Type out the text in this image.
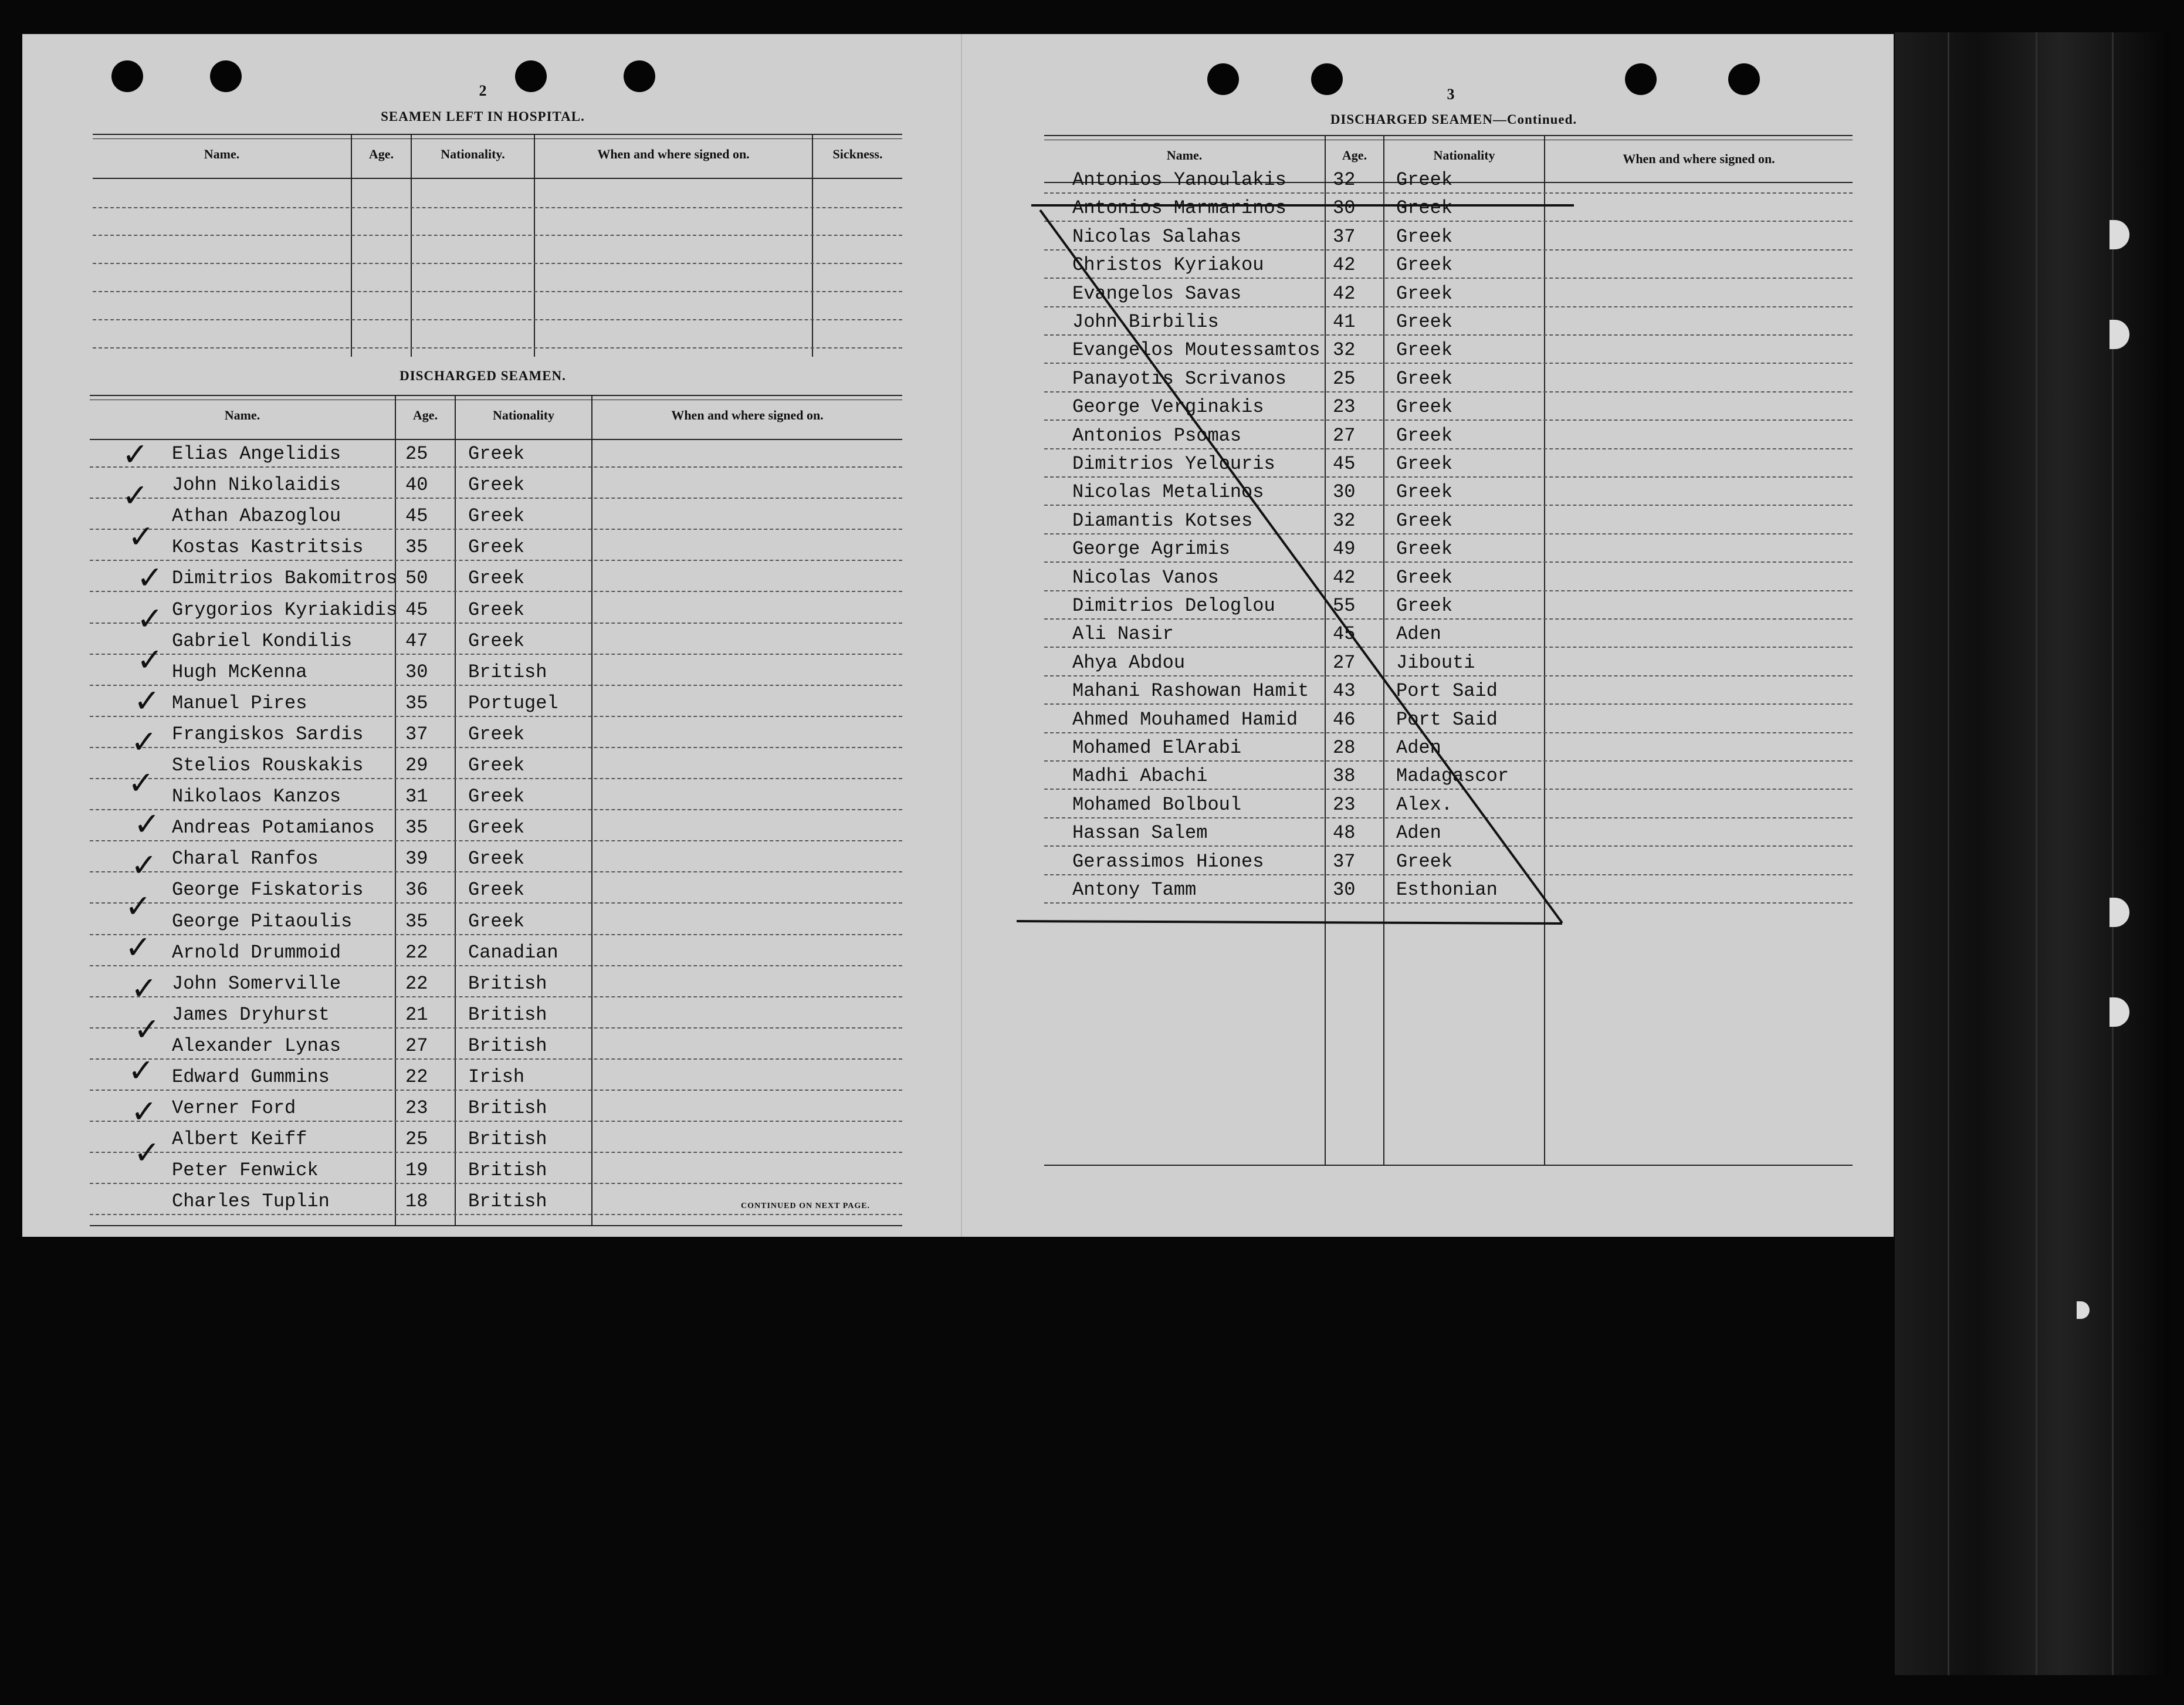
2
SEAMEN LEFT IN HOSPITAL.
Name.	Age.	Nationality.	When and where signed on.	Sickness.
DISCHARGED SEAMEN.
Name.	Age.	Nationality	When and where signed on.
Elias Angelidis	25 Greek
John Nikolaidis	40 Greek
Athan Abazoglou	45 Greek
Kostas Kastritsis 35 Greek
Dimitrios Bakomitros 50 Greek
Grygorios Kyriakidis 45 Greek
Gabriel Kondilis	47 Greek
Hugh McKenna	30 British
Manuel Pires	35 Portugel
Frangiskos Sardis 37 Greek
Stelios Rouskakis 29 Greek
Nikolaos Kanzos	31 Greek
Andreas Potamianos 35 Greek
Charal Ranfos	39 Greek
George Fiskatoris 36 Greek
George Pitaoulis	35 Greek
Arnold Drummoid	22 Canadian
John Somerville	22 British
James Dryhurst	21 British
Alexander Lynas	27 British
Edward Gummins	22 Irish
Verner Ford	23 British
Albert Keiff	25 British
Peter Fenwick	19 British
Charles Tuplin	18 British	CONTINUED ON NEXT PAGE.
✓
✓
✓
✓
✓
✓
✓
✓
✓
✓
✓
✓
✓
✓
✓
✓
✓
✓
3
DISCHARGED SEAMEN—Continued.
Name.	Age.	Nationality	When and where signed on.
Antonios Yanoulakis 32 Greek
Antonios Marmarinos 30 Greek
Nicolas Salahas	37 Greek
Christos Kyriakou	42 Greek
Evangelos Savas	42 Greek
John Birbilis	41 Greek
Evangelos Moutessamtos 32 Greek
Panayotis Scrivanos 25 Greek
George Verginakis	23 Greek
Antonios Psomas	27 Greek
Dimitrios Yelouris	45 Greek
Nicolas Metalinos	30 Greek
Diamantis Kotses	32 Greek
George Agrimis	49 Greek
Nicolas Vanos	42 Greek
Dimitrios Deloglou	55 Greek
Ali Nasir	45 Aden
Ahya Abdou	27 Jibouti
Mahani Rashowan Hamit 43 Port Said
Ahmed Mouhamed Hamid 46 Port Said
Mohamed ElArabi	28 Aden
Madhi Abachi	38 Madagascor
Mohamed Bolboul	23 Alex.
Hassan Salem	48 Aden
Gerassimos Hiones	37 Greek
Antony Tamm	30 Esthonian
